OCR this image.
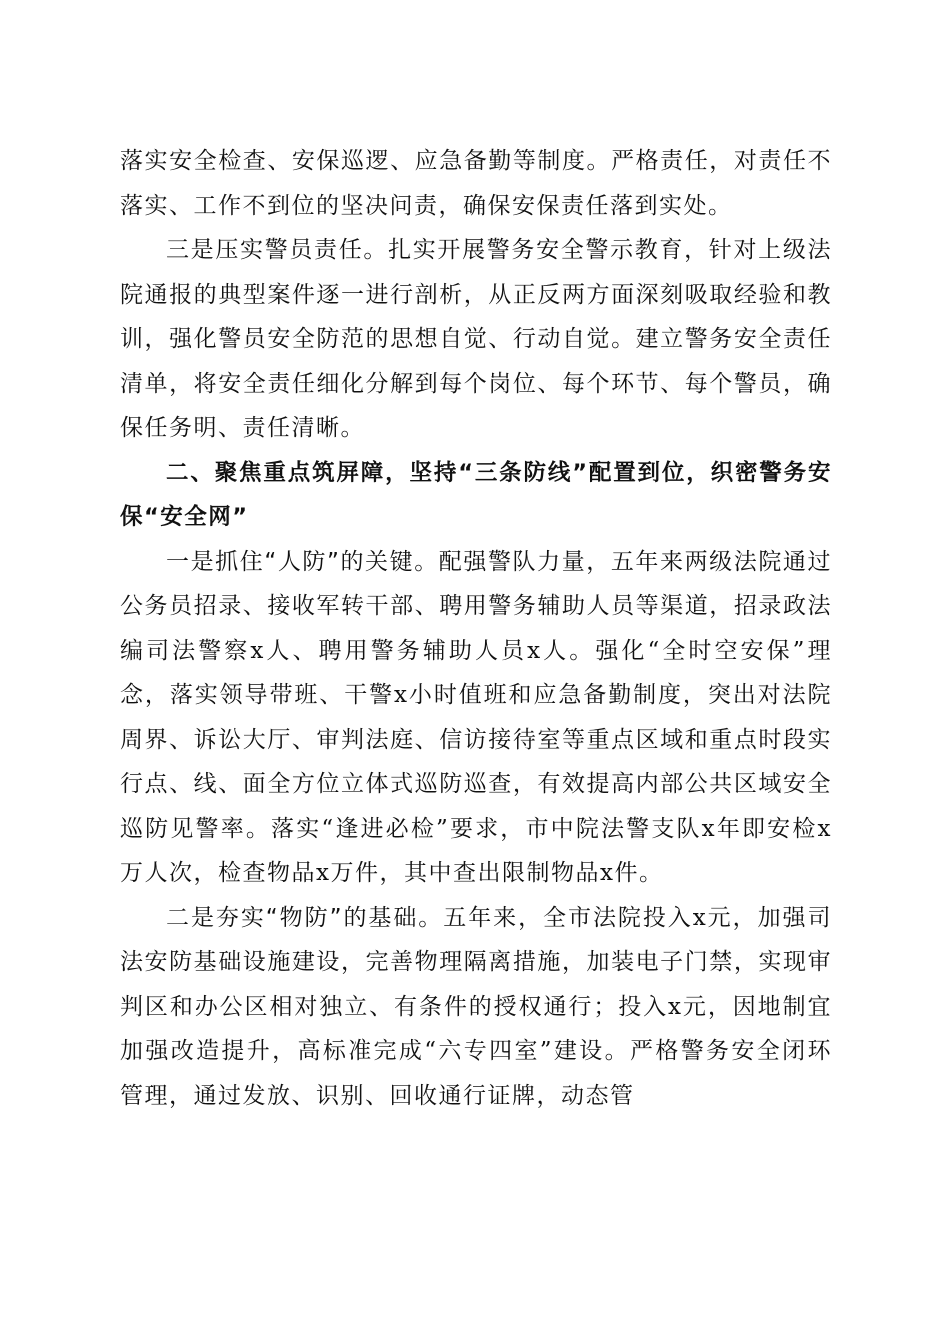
落实安全检查、安保巡逻、应急备勤等制度。严格责任，对责任不落实、工作不到位的坚决问责，确保安保责任落到实处。

三是压实警员责任。扎实开展警务安全警示教育，针对上级法院通报的典型案件逐一进行剖析，从正反两方面深刻吸取经验和教训，强化警员安全防范的思想自觉、行动自觉。建立警务安全责任清单，将安全责任细化分解到每个岗位、每个环节、每个警员，确保任务明、责任清晰。

二、聚焦重点筑屏障，坚持“三条防线”配置到位，织密警务安保“安全网”

一是抓住“人防”的关键。配强警队力量，五年来两级法院通过公务员招录、接收军转干部、聘用警务辅助人员等渠道，招录政法编司法警察x人、聘用警务辅助人员x人。强化“全时空安保”理念，落实领导带班、干警x小时值班和应急备勤制度，突出对法院周界、诉讼大厅、审判法庭、信访接待室等重点区域和重点时段实行点、线、面全方位立体式巡防巡查，有效提高内部公共区域安全巡防见警率。落实“逢进必检”要求，市中院法警支队x年即安检x万人次，检查物品x万件，其中查出限制物品x件。

二是夯实“物防”的基础。五年来，全市法院投入x元，加强司法安防基础设施建设，完善物理隔离措施，加装电子门禁，实现审判区和办公区相对独立、有条件的授权通行；投入x元，因地制宜加强改造提升，高标准完成“六专四室”建设。严格警务安全闭环管理，通过发放、识别、回收通行证牌，动态管
